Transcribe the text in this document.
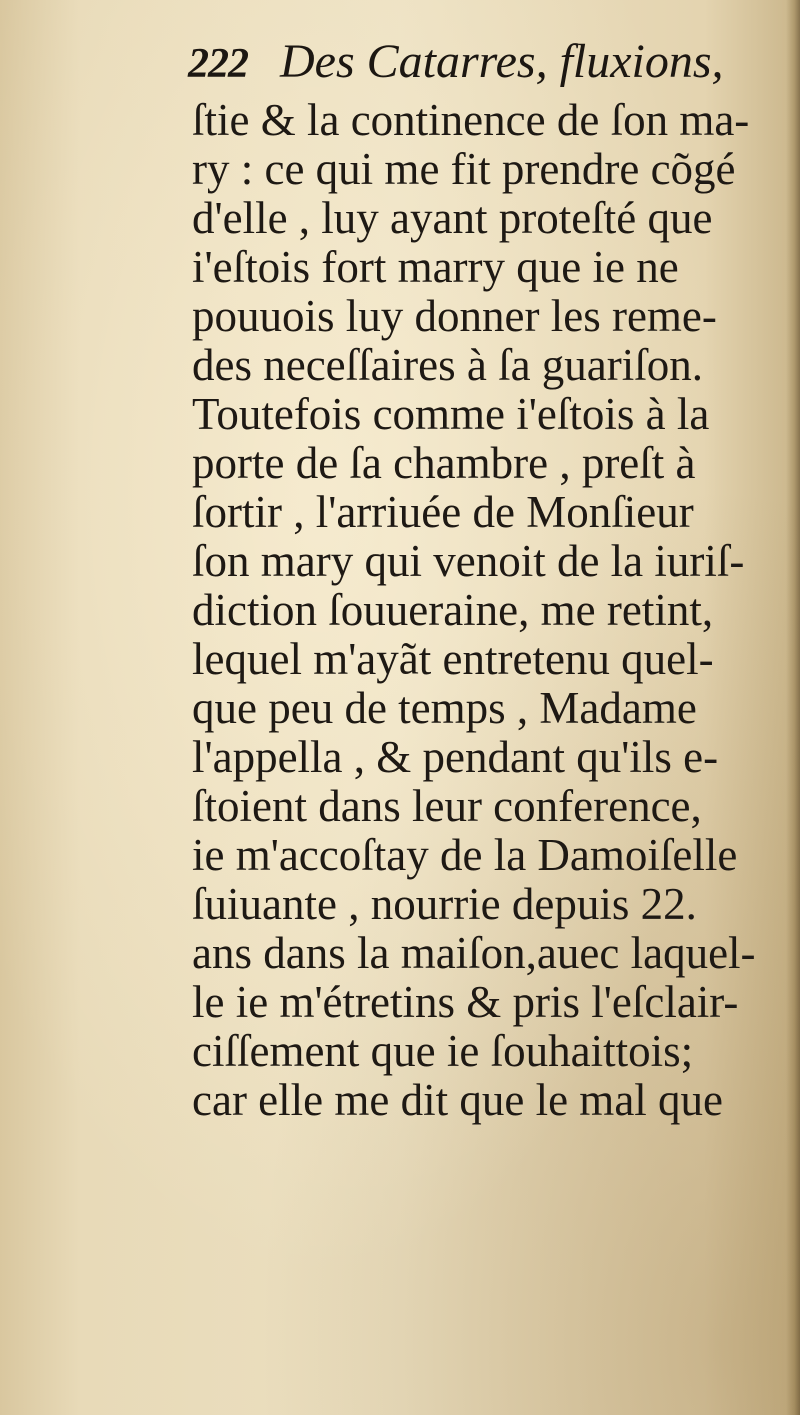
222 Des Catarres, fluxions,
ſtie & la continence de ſon ma-
ry : ce qui me fit prendre cõgé
d'elle , luy ayant proteſté que
i'eſtois fort marry que ie ne
pouuois luy donner les reme-
des neceſſaires à ſa guariſon.
Toutefois comme i'eſtois à la
porte de ſa chambre , preſt à
ſortir , l'arriuée de Monſieur
ſon mary qui venoit de la iuriſ-
diction ſouueraine, me retint,
lequel m'ayãt entretenu quel-
que peu de temps , Madame
l'appella , & pendant qu'ils e-
ſtoient dans leur conference,
ie m'accoſtay de la Damoiſelle
ſuiuante , nourrie depuis 22.
ans dans la maiſon,auec laquel-
le ie m'étretins & pris l'eſclair-
ciſſement que ie ſouhaittois;
car elle me dit que le mal que
